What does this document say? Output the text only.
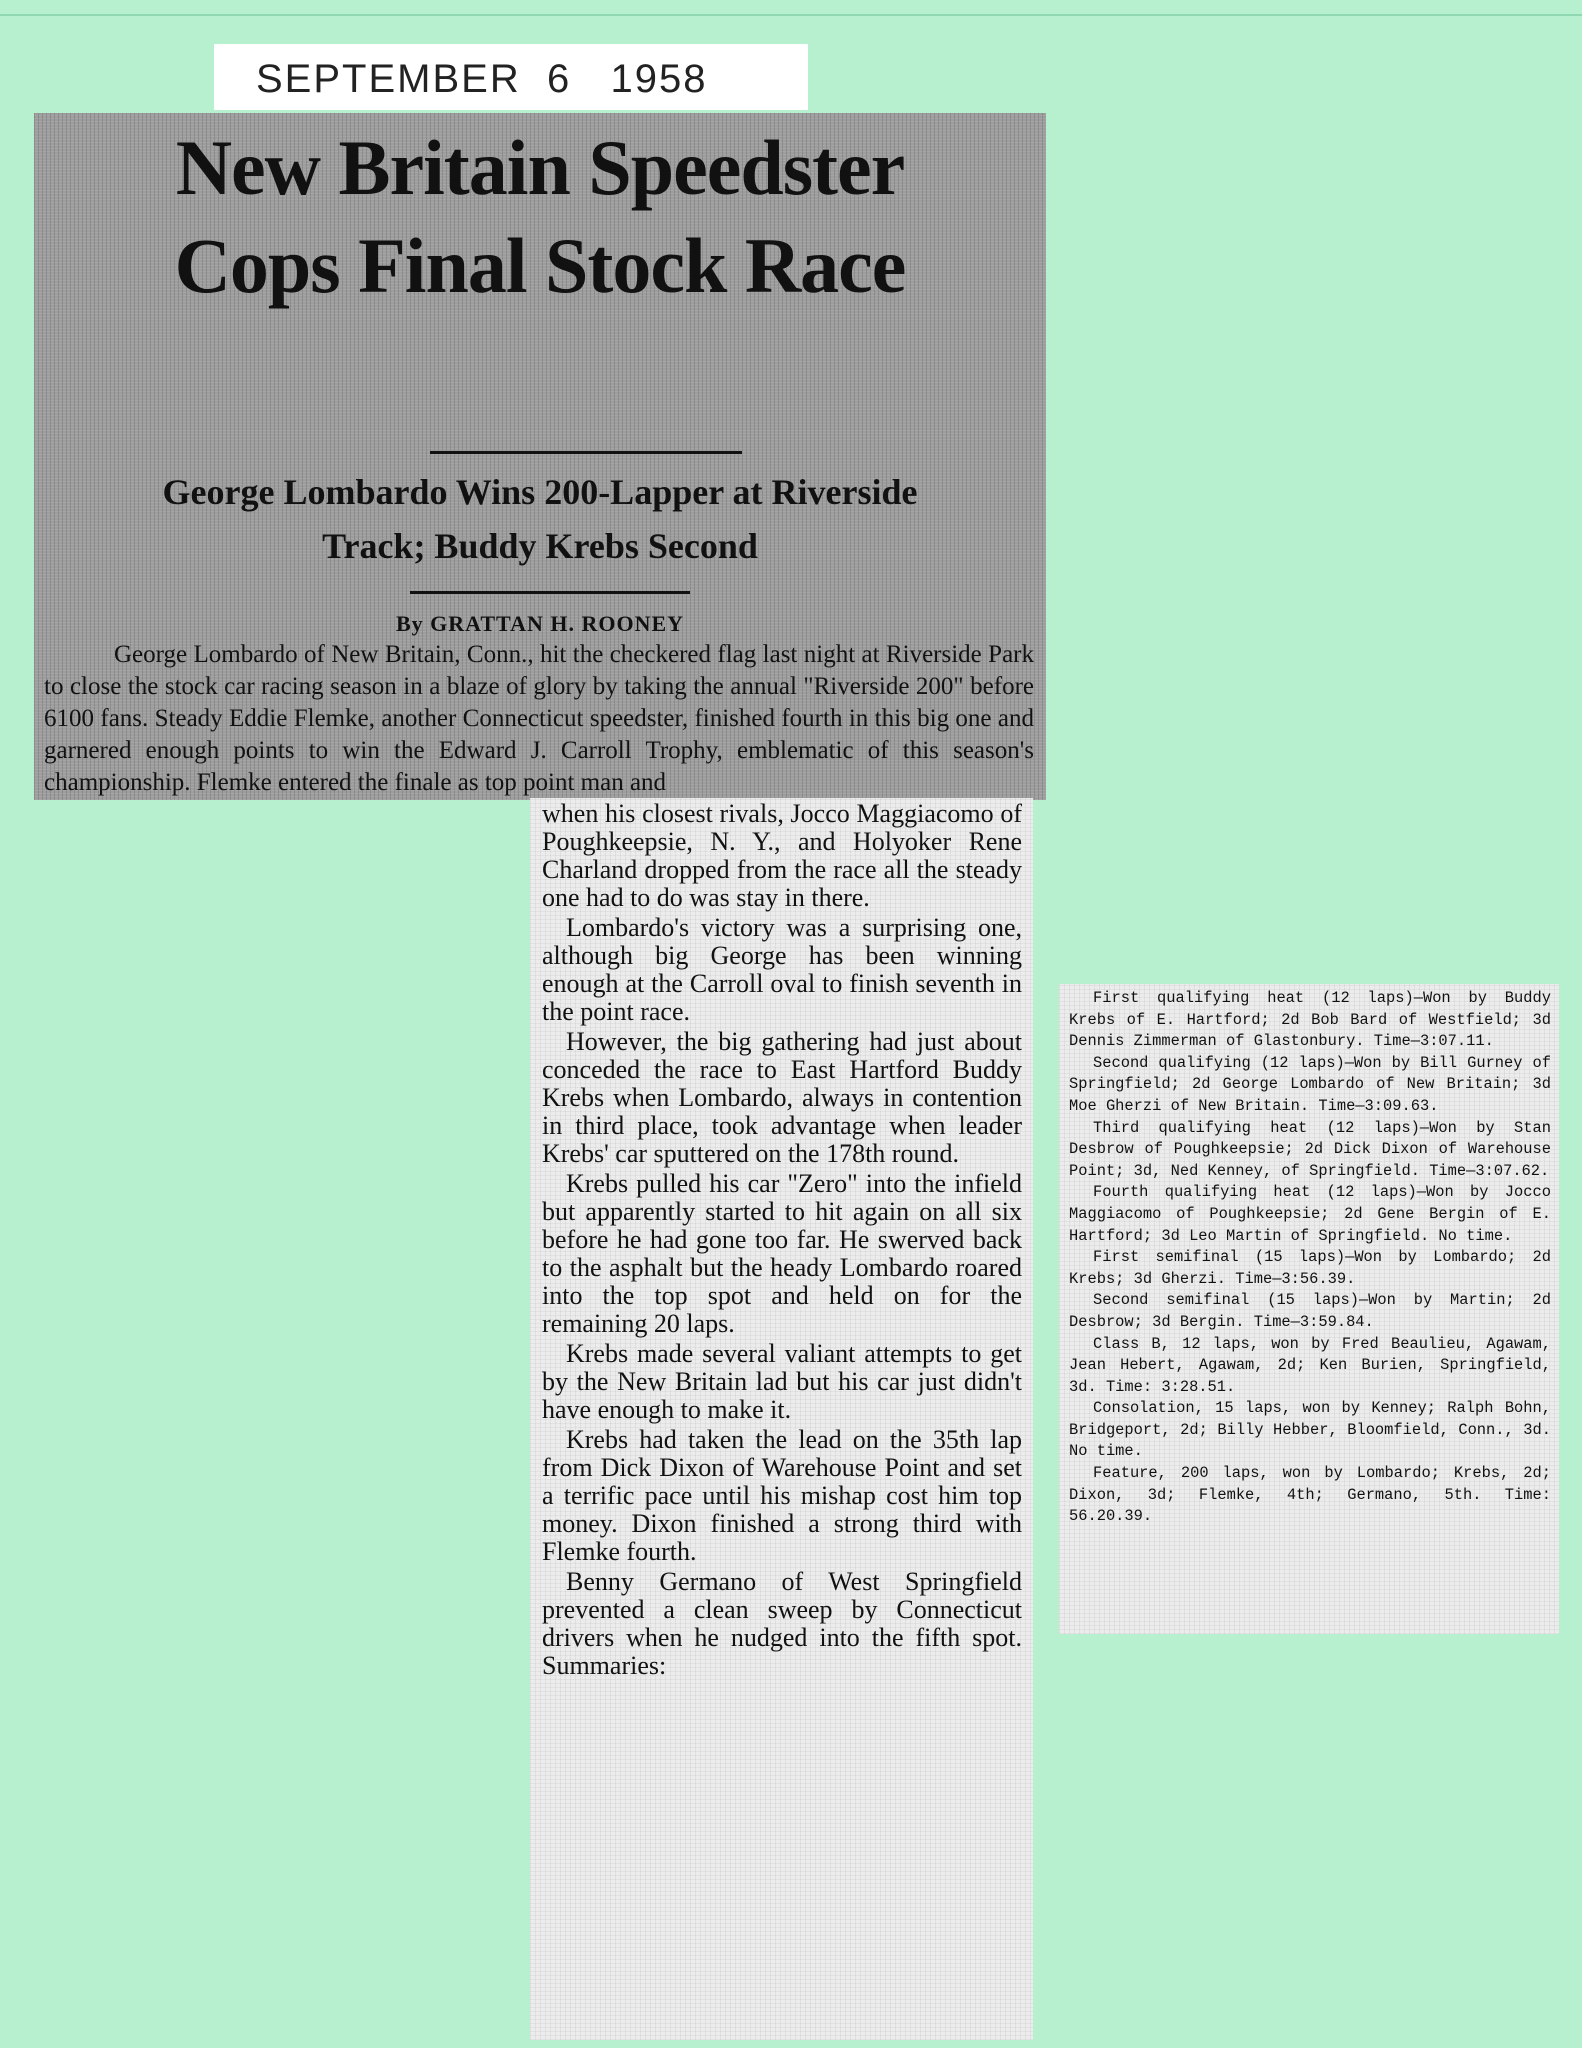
SEPTEMBER  6   1958
New Britain Speedster
Cops Final Stock Race
George Lombardo Wins 200-Lapper at Riverside
Track; Buddy Krebs Second
By GRATTAN H. ROONEY

George Lombardo of New Britain, Conn., hit the checkered flag last night at Riverside Park to close the stock car racing season in a blaze of glory by taking the annual "Riverside 200" before 6100 fans. Steady Eddie Flemke, another Connecticut speedster, finished fourth in this big one and garnered enough points to win the Edward J. Carroll Trophy, emblematic of this season's championship. Flemke entered the finale as top point man and

when his closest rivals, Jocco Maggiacomo of Poughkeepsie, N. Y., and Holyoker Rene Charland dropped from the race all the steady one had to do was stay in there.

Lombardo's victory was a surprising one, although big George has been winning enough at the Carroll oval to finish seventh in the point race.

However, the big gathering had just about conceded the race to East Hartford Buddy Krebs when Lombardo, always in contention in third place, took advantage when leader Krebs' car sputtered on the 178th round.

Krebs pulled his car "Zero" into the infield but apparently started to hit again on all six before he had gone too far. He swerved back to the asphalt but the heady Lombardo roared into the top spot and held on for the remaining 20 laps.

Krebs made several valiant attempts to get by the New Britain lad but his car just didn't have enough to make it.

Krebs had taken the lead on the 35th lap from Dick Dixon of Warehouse Point and set a terrific pace until his mishap cost him top money. Dixon finished a strong third with Flemke fourth.

Benny Germano of West Springfield prevented a clean sweep by Connecticut drivers when he nudged into the fifth spot. Summaries:

First qualifying heat (12 laps)—Won by Buddy Krebs of E. Hartford; 2d Bob Bard of Westfield; 3d Dennis Zimmerman of Glastonbury. Time—3:07.11.

Second qualifying (12 laps)—Won by Bill Gurney of Springfield; 2d George Lombardo of New Britain; 3d Moe Gherzi of New Britain. Time—3:09.63.

Third qualifying heat (12 laps)—Won by Stan Desbrow of Poughkeepsie; 2d Dick Dixon of Warehouse Point; 3d, Ned Kenney, of Springfield. Time—3:07.62.

Fourth qualifying heat (12 laps)—Won by Jocco Maggiacomo of Poughkeepsie; 2d Gene Bergin of E. Hartford; 3d Leo Martin of Springfield. No time.

First semifinal (15 laps)—Won by Lombardo; 2d Krebs; 3d Gherzi. Time—3:56.39.

Second semifinal (15 laps)—Won by Martin; 2d Desbrow; 3d Bergin. Time—3:59.84.

Class B, 12 laps, won by Fred Beaulieu, Agawam, Jean Hebert, Agawam, 2d; Ken Burien, Springfield, 3d. Time: 3:28.51.

Consolation, 15 laps, won by Kenney; Ralph Bohn, Bridgeport, 2d; Billy Hebber, Bloomfield, Conn., 3d. No time.

Feature, 200 laps, won by Lombardo; Krebs, 2d; Dixon, 3d; Flemke, 4th; Germano, 5th. Time: 56.20.39.
